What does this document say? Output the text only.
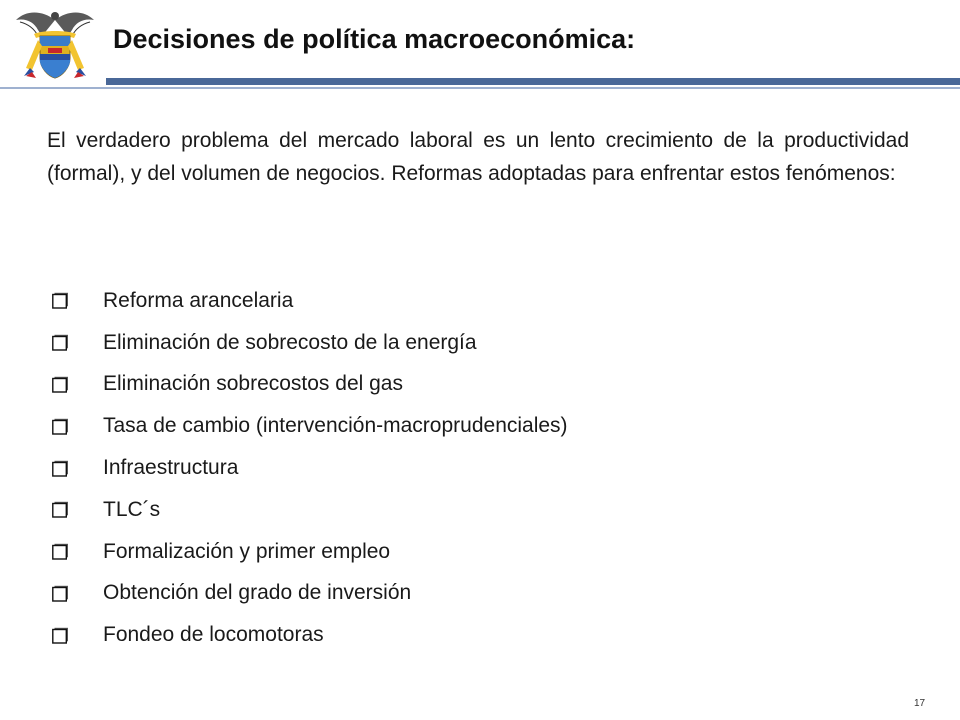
Decisiones de política macroeconómica:

El verdadero problema del mercado laboral es un lento crecimiento de la productividad (formal), y del volumen de negocios. Reformas adoptadas para enfrentar estos fenómenos:

Reforma arancelaria
Eliminación de sobrecosto de la energía
Eliminación sobrecostos del gas
Tasa de cambio (intervención-macroprudenciales)
Infraestructura
TLC´s
Formalización y primer empleo
Obtención del grado de inversión
Fondeo de locomotoras
17
